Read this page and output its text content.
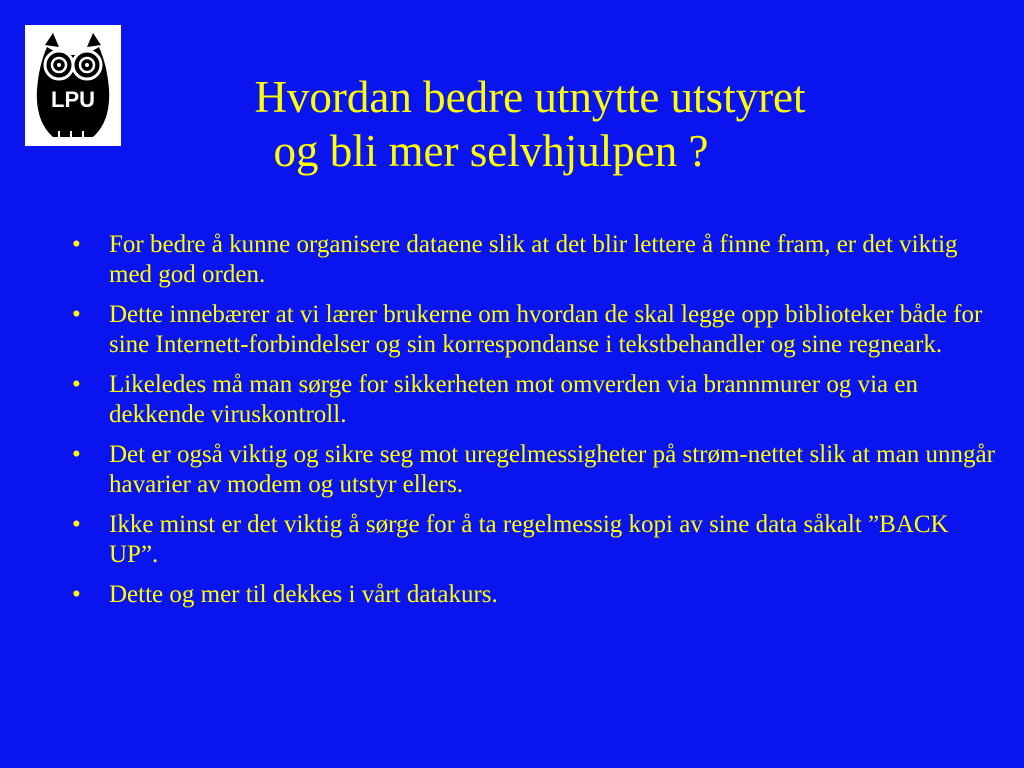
LPU	Hvordan bedre utnytte utstyret
og bli mer selvhjulpen ?
• For bedre å kunne organisere dataene slik at det blir lettere å finne fram, er det viktig med god orden.
• Dette innebærer at vi lærer brukerne om hvordan de skal legge opp biblioteker både for sine Internett-forbindelser og sin korrespondanse i tekstbehandler og sine regneark.
• Likeledes må man sørge for sikkerheten mot omverden via brannmurer og via en dekkende viruskontroll.
• Det er også viktig og sikre seg mot uregelmessigheter på strøm-nettet slik at man unngår havarier av modem og utstyr ellers.
• Ikke minst er det viktig å sørge for å ta regelmessig kopi av sine data såkalt ”BACK UP”.
• Dette og mer til dekkes i vårt datakurs.
